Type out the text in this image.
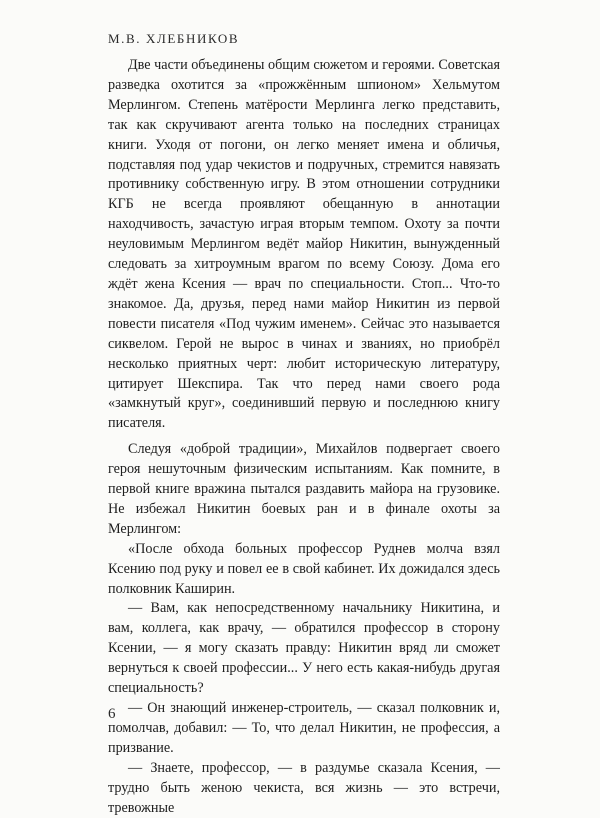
М.В. ХЛЕБНИКОВ

Две части объединены общим сюжетом и героями. Советская разведка охотится за «прожжённым шпионом» Хельмутом Мерлингом. Степень матёрости Мерлинга легко представить, так как скручивают агента только на последних страницах книги. Уходя от погони, он легко меняет имена и обличья, подставляя под удар чекистов и подручных, стремится навязать противнику собственную игру. В этом отношении сотрудники КГБ не всегда проявляют обещанную в аннотации находчивость, зачастую играя вторым темпом. Охоту за почти неуловимым Мерлингом ведёт майор Никитин, вынужденный следовать за хитроумным врагом по всему Союзу. Дома его ждёт жена Ксения — врач по специальности. Стоп... Что-то знакомое. Да, друзья, перед нами майор Никитин из первой повести писателя «Под чужим именем». Сейчас это называется сиквелом. Герой не вырос в чинах и званиях, но приобрёл несколько приятных черт: любит историческую литературу, цитирует Шекспира. Так что перед нами своего рода «замкнутый круг», соединивший первую и последнюю книгу писателя.

Следуя «доброй традиции», Михайлов подвергает своего героя нешуточным физическим испытаниям. Как помните, в первой книге вражина пытался раздавить майора на грузовике. Не избежал Никитин боевых ран и в финале охоты за Мерлингом:

«После обхода больных профессор Руднев молча взял Ксению под руку и повел ее в свой кабинет. Их дожидался здесь полковник Каширин.

— Вам, как непосредственному начальнику Никитина, и вам, коллега, как врачу, — обратился профессор в сторону Ксении, — я могу сказать правду: Никитин вряд ли сможет вернуться к своей профессии... У него есть какая-нибудь другая специальность?

— Он знающий инженер-строитель, — сказал полковник и, помолчав, добавил: — То, что делал Никитин, не профессия, а призвание.

— Знаете, профессор, — в раздумье сказала Ксения, — трудно быть женою чекиста, вся жизнь — это встречи, тревожные

6
